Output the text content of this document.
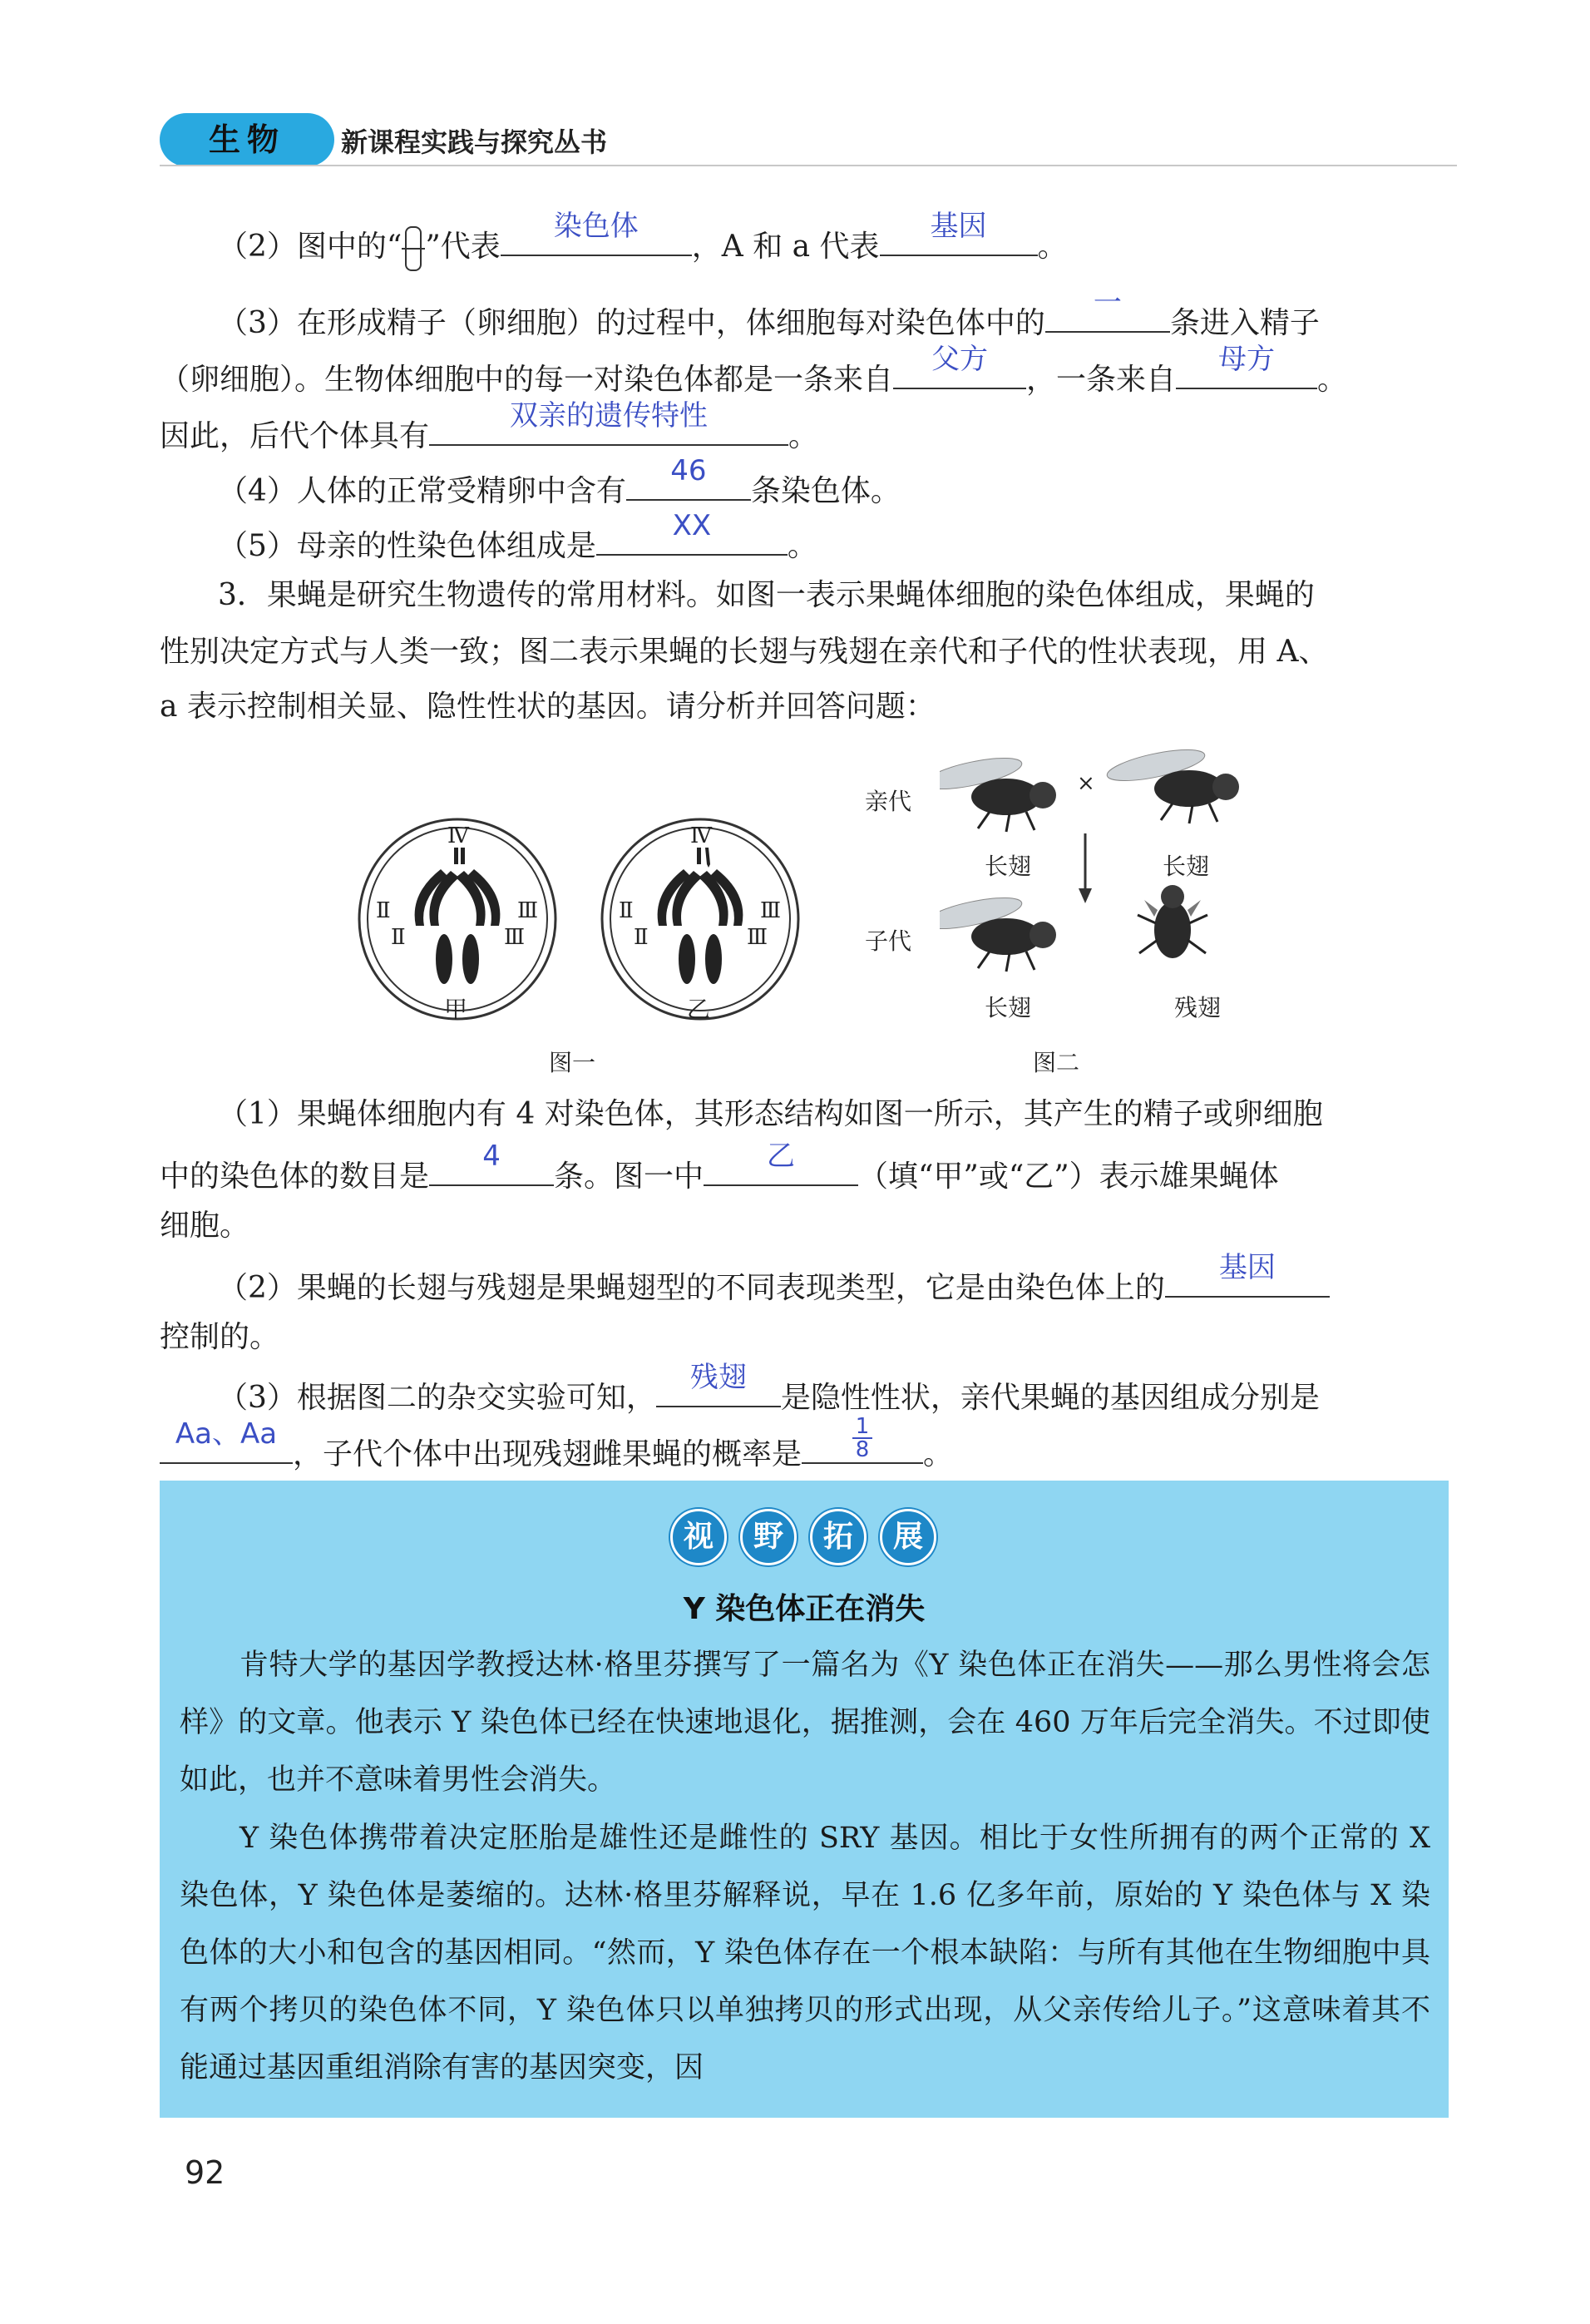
生物	新课程实践与探究丛书
（2）图中的“ ”代表
染色体
，A 和 a 代表
基因
。
（3）在形成精子（卵细胞）的过程中，体细胞每对染色体中的
一
条进入精子
（卵细胞）。生物体细胞中的每一对染色体都是一条来自
父方
，一条来自
母方
。
因此，后代个体具有
双亲的遗传特性
。
（4）人体的正常受精卵中含有
46
条染色体。
（5）母亲的性染色体组成是
XX
。
3．果蝇是研究生物遗传的常用材料。如图一表示果蝇体细胞的染色体组成，果蝇的
性别决定方式与人类一致；图二表示果蝇的长翅与残翅在亲代和子代的性状表现，用 A、
a 表示控制相关显、隐性性状的基因。请分析并回答问题：
Ⅳ
Ⅱ
Ⅱ
Ⅲ
Ⅲ
Ⅳ
Ⅱ
Ⅱ
Ⅲ
Ⅲ
甲	乙
图一
亲代
子代
×
长翅	长翅
长翅	残翅
图二
（1）果蝇体细胞内有 4 对染色体，其形态结构如图一所示，其产生的精子或卵细胞
中的染色体的数目是
4
条。图一中
乙
（填“甲”或“乙”）表示雄果蝇体
细胞。
（2）果蝇的长翅与残翅是果蝇翅型的不同表现类型，它是由染色体上的
基因
控制的。
（3）根据图二的杂交实验可知，
残翅
是隐性性状，亲代果蝇的基因组成分别是
Aa、Aa
，子代个体中出现残翅雌果蝇的概率是 $\frac{1}{8}$ 。
视	野	拓	展
Y 染色体正在消失
肯特大学的基因学教授达林·格里芬撰写了一篇名为《Y 染色体正在消失——那么男性将会怎样》的文章。他表示 Y 染色体已经在快速地退化，据推测，会在 460 万年后完全消失。不过即使如此，也并不意味着男性会消失。
Y 染色体携带着决定胚胎是雄性还是雌性的 SRY 基因。相比于女性所拥有的两个正常的 X 染色体，Y 染色体是萎缩的。达林·格里芬解释说，早在 1.6 亿多年前，原始的 Y 染色体与 X 染色体的大小和包含的基因相同。“然而，Y 染色体存在一个根本缺陷：与所有其他在生物细胞中具有两个拷贝的染色体不同，Y 染色体只以单独拷贝的形式出现，从父亲传给儿子。”这意味着其不能通过基因重组消除有害的基因突变，因
92
